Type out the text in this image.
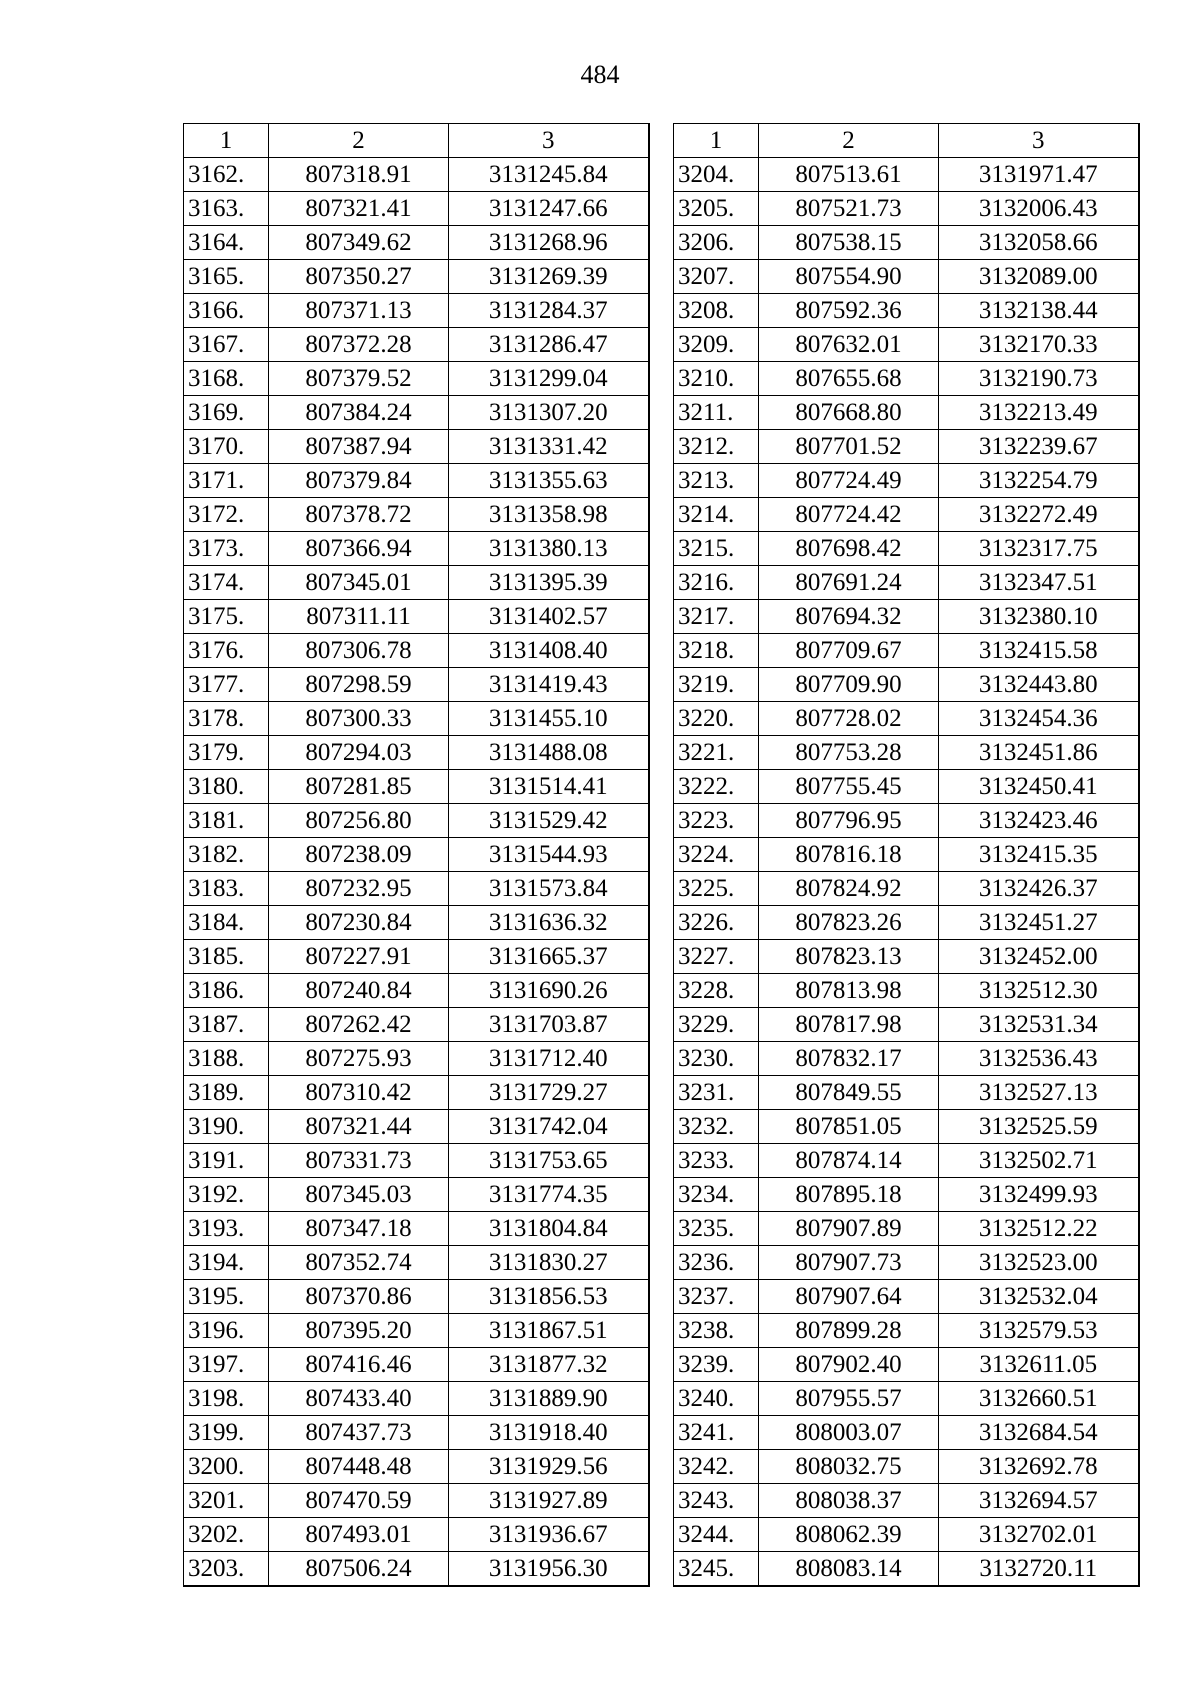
484
1	2	3
3162.	807318.91	3131245.84
3163.	807321.41	3131247.66
3164.	807349.62	3131268.96
3165.	807350.27	3131269.39
3166.	807371.13	3131284.37
3167.	807372.28	3131286.47
3168.	807379.52	3131299.04
3169.	807384.24	3131307.20
3170.	807387.94	3131331.42
3171.	807379.84	3131355.63
3172.	807378.72	3131358.98
3173.	807366.94	3131380.13
3174.	807345.01	3131395.39
3175.	807311.11	3131402.57
3176.	807306.78	3131408.40
3177.	807298.59	3131419.43
3178.	807300.33	3131455.10
3179.	807294.03	3131488.08
3180.	807281.85	3131514.41
3181.	807256.80	3131529.42
3182.	807238.09	3131544.93
3183.	807232.95	3131573.84
3184.	807230.84	3131636.32
3185.	807227.91	3131665.37
3186.	807240.84	3131690.26
3187.	807262.42	3131703.87
3188.	807275.93	3131712.40
3189.	807310.42	3131729.27
3190.	807321.44	3131742.04
3191.	807331.73	3131753.65
3192.	807345.03	3131774.35
3193.	807347.18	3131804.84
3194.	807352.74	3131830.27
3195.	807370.86	3131856.53
3196.	807395.20	3131867.51
3197.	807416.46	3131877.32
3198.	807433.40	3131889.90
3199.	807437.73	3131918.40
3200.	807448.48	3131929.56
3201.	807470.59	3131927.89
3202.	807493.01	3131936.67
3203.	807506.24	3131956.30
1	2	3
3204.	807513.61	3131971.47
3205.	807521.73	3132006.43
3206.	807538.15	3132058.66
3207.	807554.90	3132089.00
3208.	807592.36	3132138.44
3209.	807632.01	3132170.33
3210.	807655.68	3132190.73
3211.	807668.80	3132213.49
3212.	807701.52	3132239.67
3213.	807724.49	3132254.79
3214.	807724.42	3132272.49
3215.	807698.42	3132317.75
3216.	807691.24	3132347.51
3217.	807694.32	3132380.10
3218.	807709.67	3132415.58
3219.	807709.90	3132443.80
3220.	807728.02	3132454.36
3221.	807753.28	3132451.86
3222.	807755.45	3132450.41
3223.	807796.95	3132423.46
3224.	807816.18	3132415.35
3225.	807824.92	3132426.37
3226.	807823.26	3132451.27
3227.	807823.13	3132452.00
3228.	807813.98	3132512.30
3229.	807817.98	3132531.34
3230.	807832.17	3132536.43
3231.	807849.55	3132527.13
3232.	807851.05	3132525.59
3233.	807874.14	3132502.71
3234.	807895.18	3132499.93
3235.	807907.89	3132512.22
3236.	807907.73	3132523.00
3237.	807907.64	3132532.04
3238.	807899.28	3132579.53
3239.	807902.40	3132611.05
3240.	807955.57	3132660.51
3241.	808003.07	3132684.54
3242.	808032.75	3132692.78
3243.	808038.37	3132694.57
3244.	808062.39	3132702.01
3245.	808083.14	3132720.11
